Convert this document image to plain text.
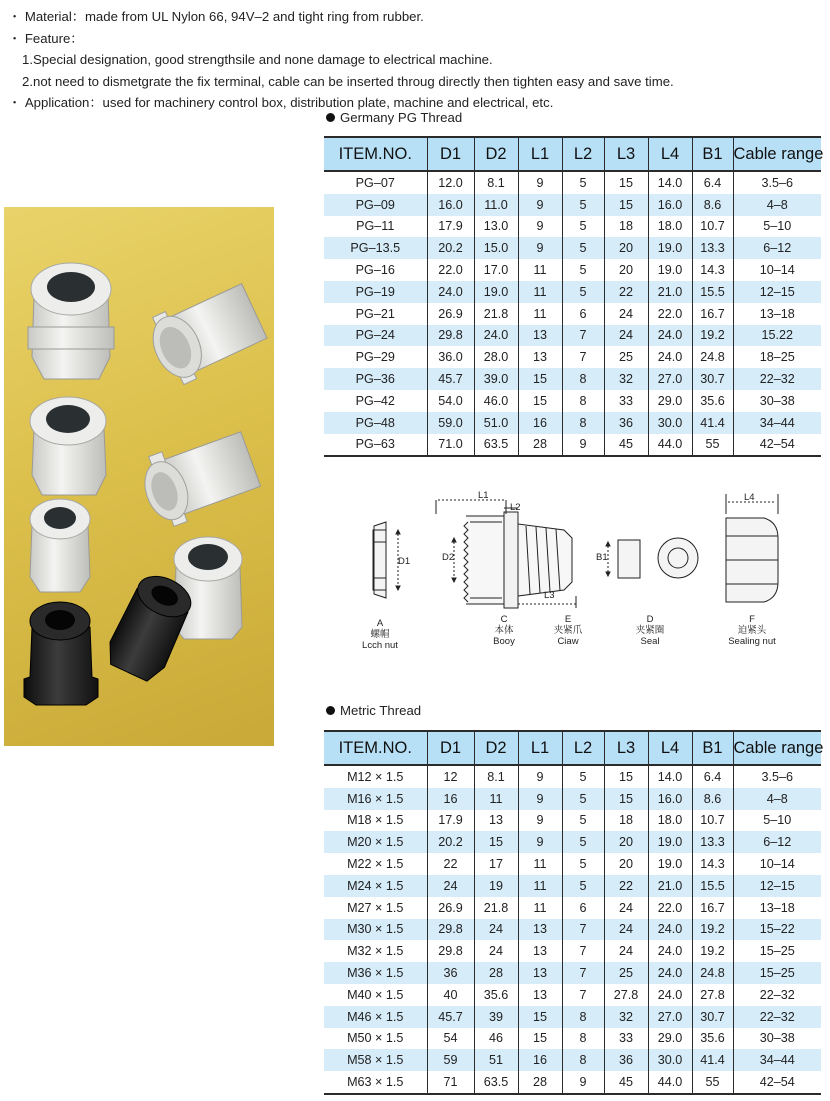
・ Material：made from UL Nylon 66, 94V–2 and tight ring from rubber.

・ Feature：

1.Special designation, good strengthsile and none damage to electrical machine.

2.not need to dismetgrate the fix terminal, cable can be inserted throug directly then tighten easy and save time.

・ Application：used for machinery control box, distribution plate, machine and electrical, etc.

Germany PG Thread
ITEM.NO.	D1	D2	L1	L2	L3	L4	B1	Cable range
PG–07	12.0	8.1	9	5	15	14.0	6.4	3.5–6
PG–09	16.0	11.0	9	5	15	16.0	8.6	4–8
PG–11	17.9	13.0	9	5	18	18.0	10.7	5–10
PG–13.5	20.2	15.0	9	5	20	19.0	13.3	6–12
PG–16	22.0	17.0	11	5	20	19.0	14.3	10–14
PG–19	24.0	19.0	11	5	22	21.0	15.5	12–15
PG–21	26.9	21.8	11	6	24	22.0	16.7	13–18
PG–24	29.8	24.0	13	7	24	24.0	19.2	15.22
PG–29	36.0	28.0	13	7	25	24.0	24.8	18–25
PG–36	45.7	39.0	15	8	32	27.0	30.7	22–32
PG–42	54.0	46.0	15	8	33	29.0	35.6	30–38
PG–48	59.0	51.0	16	8	36	30.0	41.4	34–44
PG–63	71.0	63.5	28	9	45	44.0	55	42–54
D1	D2
L1
L2
L3
B1
L4
A
螺帽
Lcch nut
C
本体
Booy
E
夹紧爪
Ciaw
D
夹紧圈
Seal
F
迫紧头
Sealing nut
Metric Thread
ITEM.NO.	D1	D2	L1	L2	L3	L4	B1	Cable range
M12 × 1.5	12	8.1	9	5	15	14.0	6.4	3.5–6
M16 × 1.5	16	11	9	5	15	16.0	8.6	4–8
M18 × 1.5	17.9	13	9	5	18	18.0	10.7	5–10
M20 × 1.5	20.2	15	9	5	20	19.0	13.3	6–12
M22 × 1.5	22	17	11	5	20	19.0	14.3	10–14
M24 × 1.5	24	19	11	5	22	21.0	15.5	12–15
M27 × 1.5	26.9	21.8	11	6	24	22.0	16.7	13–18
M30 × 1.5	29.8	24	13	7	24	24.0	19.2	15–22
M32 × 1.5	29.8	24	13	7	24	24.0	19.2	15–25
M36 × 1.5	36	28	13	7	25	24.0	24.8	15–25
M40 × 1.5	40	35.6	13	7	27.8	24.0	27.8	22–32
M46 × 1.5	45.7	39	15	8	32	27.0	30.7	22–32
M50 × 1.5	54	46	15	8	33	29.0	35.6	30–38
M58 × 1.5	59	51	16	8	36	30.0	41.4	34–44
M63 × 1.5	71	63.5	28	9	45	44.0	55	42–54
